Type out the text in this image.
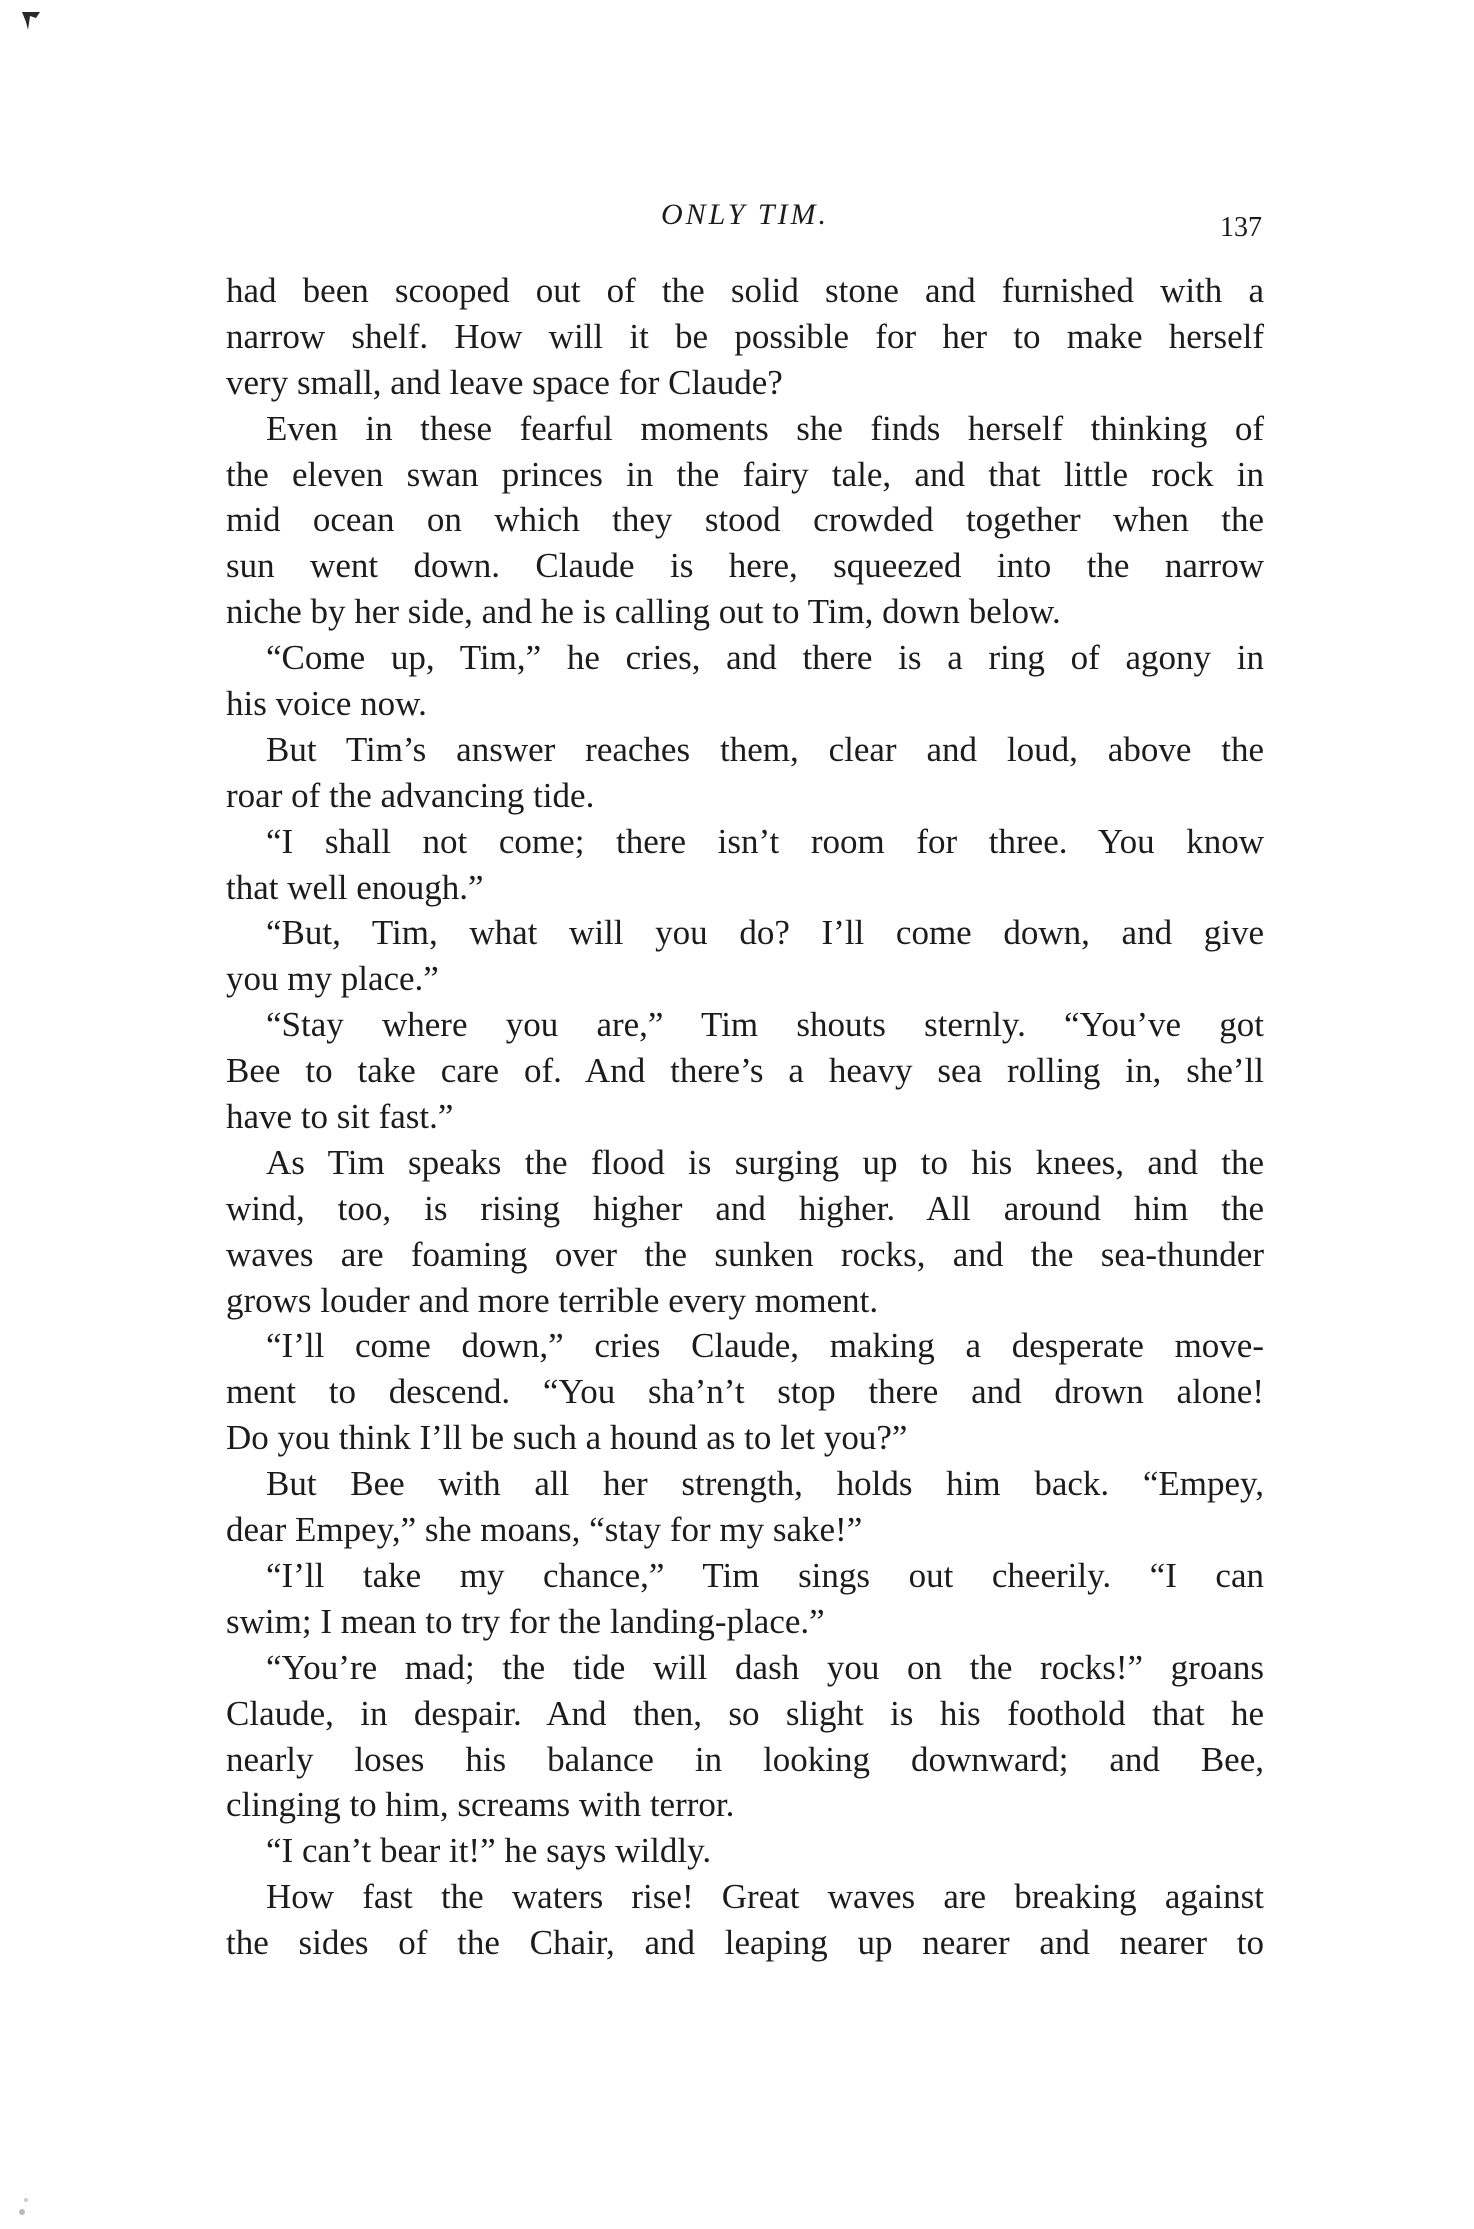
ONLY TIM.	137
had been scooped out of the solid stone and furnished with a
narrow shelf. How will it be possible for her to make herself
very small, and leave space for Claude?
Even in these fearful moments she finds herself thinking of
the eleven swan princes in the fairy tale, and that little rock in
mid ocean on which they stood crowded together when the
sun went down. Claude is here, squeezed into the narrow
niche by her side, and he is calling out to Tim, down below.
“Come up, Tim,” he cries, and there is a ring of agony in
his voice now.
But Tim’s answer reaches them, clear and loud, above the
roar of the advancing tide.
“I shall not come; there isn’t room for three. You know
that well enough.”
“But, Tim, what will you do? I’ll come down, and give
you my place.”
“Stay where you are,” Tim shouts sternly. “You’ve got
Bee to take care of. And there’s a heavy sea rolling in, she’ll
have to sit fast.”
As Tim speaks the flood is surging up to his knees, and the
wind, too, is rising higher and higher. All around him the
waves are foaming over the sunken rocks, and the sea-thunder
grows louder and more terrible every moment.
“I’ll come down,” cries Claude, making a desperate move-
ment to descend. “You sha’n’t stop there and drown alone!
Do you think I’ll be such a hound as to let you?”
But Bee with all her strength, holds him back. “Empey,
dear Empey,” she moans, “stay for my sake!”
“I’ll take my chance,” Tim sings out cheerily. “I can
swim; I mean to try for the landing-place.”
“You’re mad; the tide will dash you on the rocks!” groans
Claude, in despair. And then, so slight is his foothold that he
nearly loses his balance in looking downward; and Bee,
clinging to him, screams with terror.
“I can’t bear it!” he says wildly.
How fast the waters rise! Great waves are breaking against
the sides of the Chair, and leaping up nearer and nearer to
